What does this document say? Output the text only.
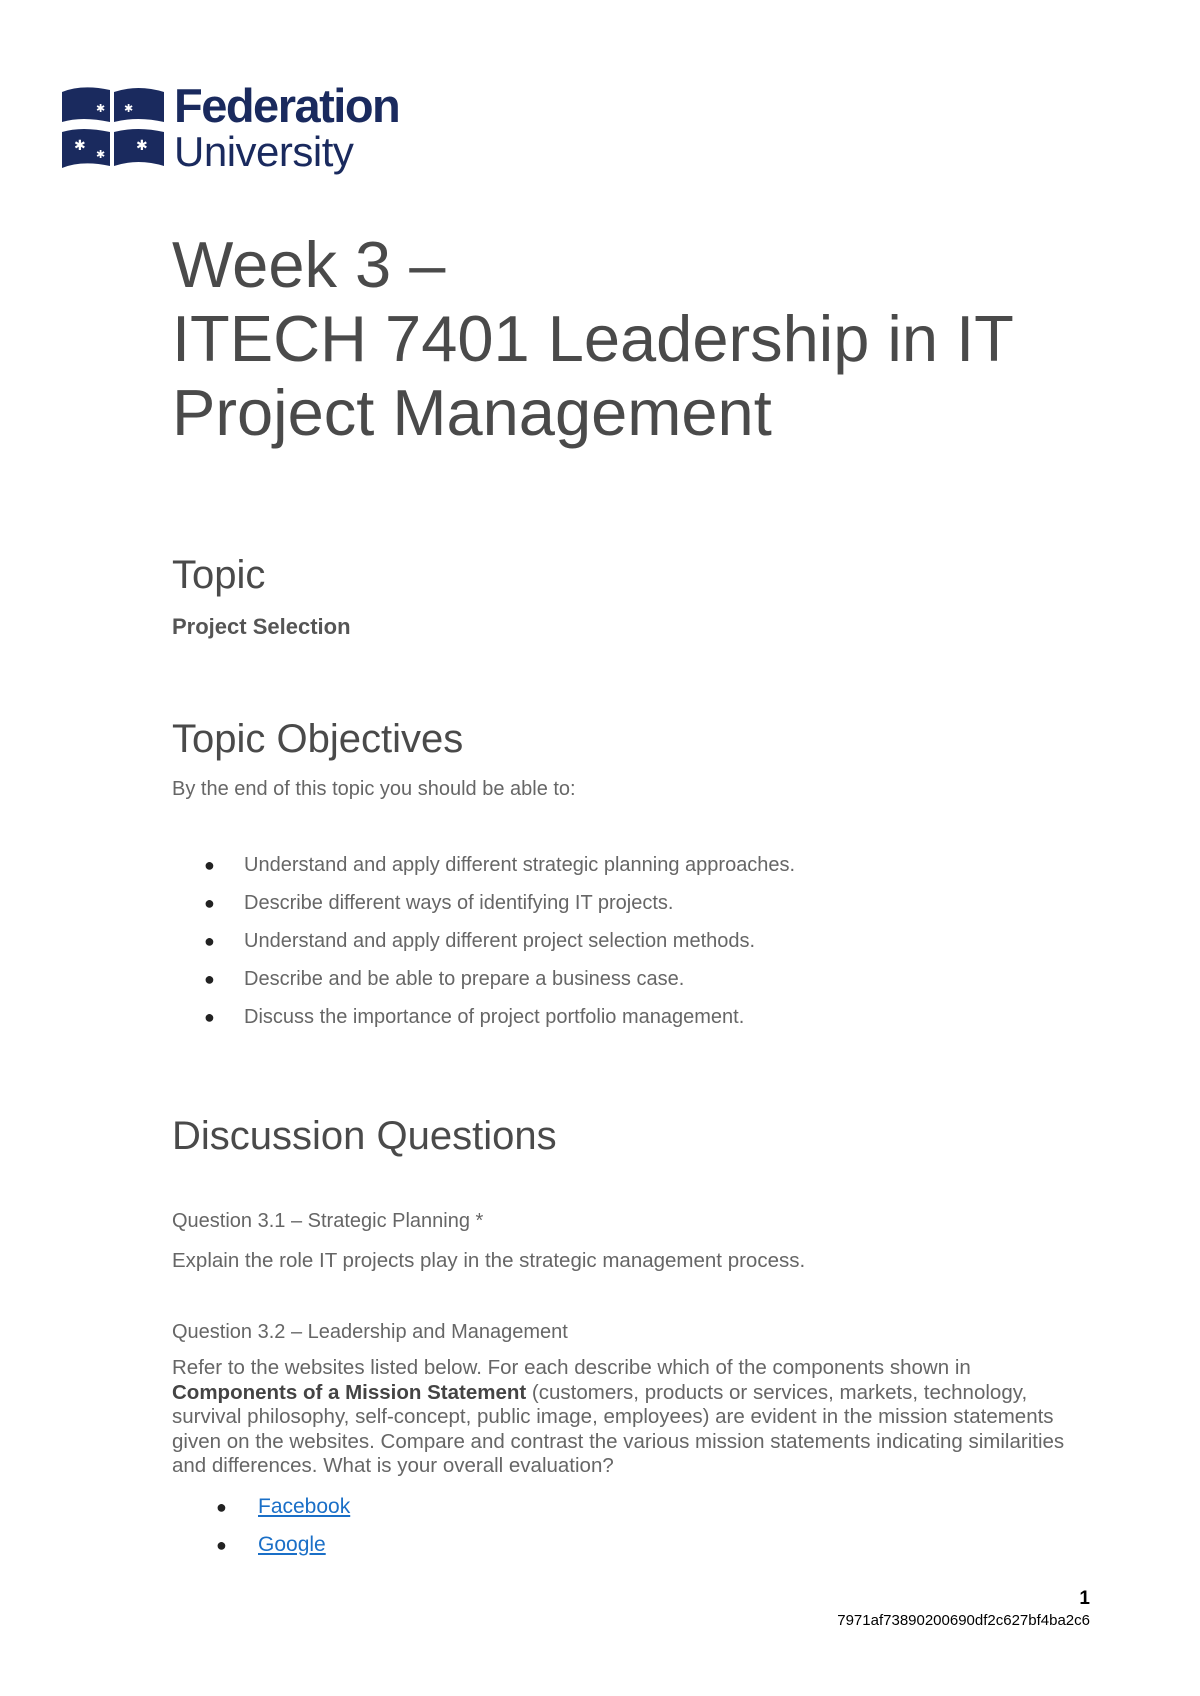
✱
✱
✱
✱
✱
Federation
University
Week 3 –
ITECH 7401 Leadership in IT
Project Management
Topic
Project Selection
Topic Objectives
By the end of this topic you should be able to:
● Understand and apply different strategic planning approaches.
● Describe different ways of identifying IT projects.
● Understand and apply different project selection methods.
● Describe and be able to prepare a business case.
● Discuss the importance of project portfolio management.
Discussion Questions
Question 3.1 – Strategic Planning *
Explain the role IT projects play in the strategic management process.
Question 3.2 – Leadership and Management
Refer to the websites listed below. For each describe which of the components shown in
Components of a Mission Statement (customers, products or services, markets, technology, survival philosophy, self-concept, public image, employees) are evident in the mission statements given on the websites. Compare and contrast the various mission statements indicating similarities and differences. What is your overall evaluation?
● Facebook
● Google
1
7971af73890200690df2c627bf4ba2c6
